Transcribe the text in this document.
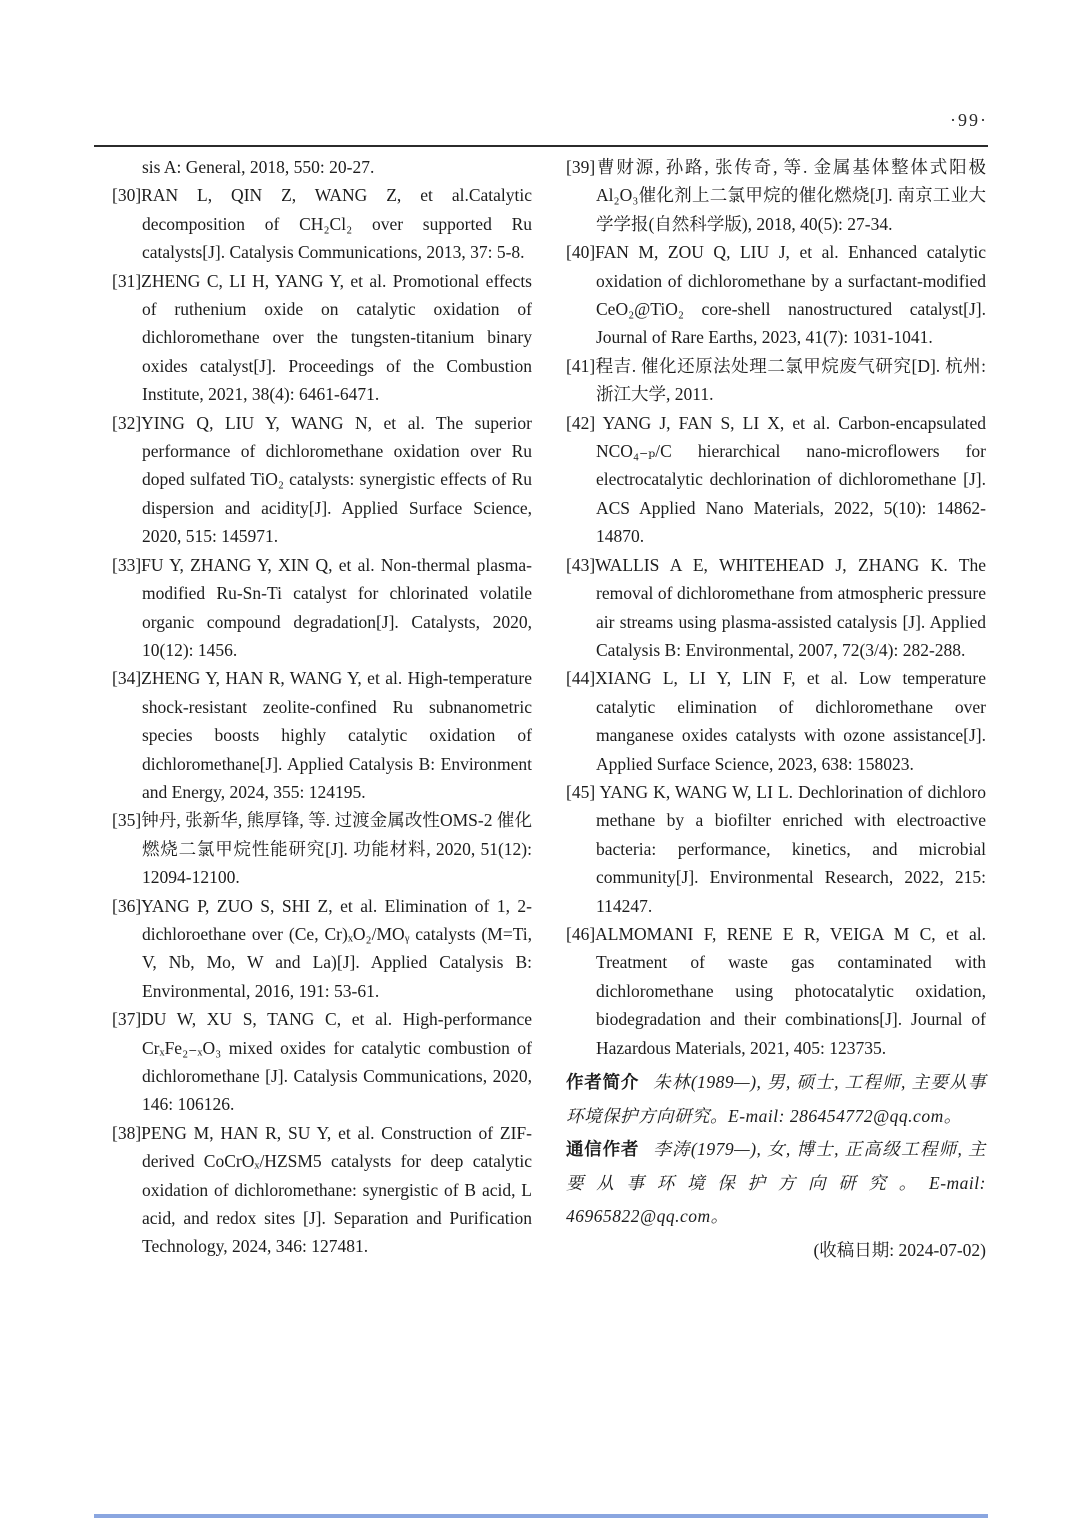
·99·

sis A: General, 2018, 550: 20-27.

[30]RAN L, QIN Z, WANG Z, et al.Catalytic decomposition of CH₂Cl₂ over supported Ru catalysts[J]. Catalysis Communications, 2013, 37: 5-8.

[31]ZHENG C, LI H, YANG Y, et al. Promotional effects of ruthenium oxide on catalytic oxidation of dichloromethane over the tungsten-titanium binary oxides catalyst[J]. Proceedings of the Combustion Institute, 2021, 38(4): 6461-6471.

[32]YING Q, LIU Y, WANG N, et al. The superior performance of dichloromethane oxidation over Ru doped sulfated TiO₂ catalysts: synergistic effects of Ru dispersion and acidity[J]. Applied Surface Science, 2020, 515: 145971.

[33]FU Y, ZHANG Y, XIN Q, et al. Non-thermal plasma-modified Ru-Sn-Ti catalyst for chlorinated volatile organic compound degradation[J]. Catalysts, 2020, 10(12): 1456.

[34]ZHENG Y, HAN R, WANG Y, et al. High-temperature shock-resistant zeolite-confined Ru subnanometric species boosts highly catalytic oxidation of dichloromethane[J]. Applied Catalysis B: Environment and Energy, 2024, 355: 124195.

[35]钟丹, 张新华, 熊厚锋, 等. 过渡金属改性OMS-2 催化燃烧二氯甲烷性能研究[J]. 功能材料, 2020, 51(12): 12094-12100.

[36]YANG P, ZUO S, SHI Z, et al. Elimination of 1, 2-dichloroethane over (Ce, Cr)ₓO₂/MOᵧ catalysts (M=Ti, V, Nb, Mo, W and La)[J]. Applied Catalysis B: Environmental, 2016, 191: 53-61.

[37]DU W, XU S, TANG C, et al. High-performance CrₓFe₂₋ₓO₃ mixed oxides for catalytic combustion of dichloromethane [J]. Catalysis Communications, 2020, 146: 106126.

[38]PENG M, HAN R, SU Y, et al. Construction of ZIF-derived CoCrOₓ/HZSM5 catalysts for deep catalytic oxidation of dichloromethane: synergistic of B acid, L acid, and redox sites [J]. Separation and Purification Technology, 2024, 346: 127481.

[39]曹财源, 孙路, 张传奇, 等. 金属基体整体式阳极Al₂O₃催化剂上二氯甲烷的催化燃烧[J]. 南京工业大学学报(自然科学版), 2018, 40(5): 27-34.

[40]FAN M, ZOU Q, LIU J, et al. Enhanced catalytic oxidation of dichloromethane by a surfactant-modified CeO₂@TiO₂ core-shell nanostructured catalyst[J]. Journal of Rare Earths, 2023, 41(7): 1031-1041.

[41]程吉. 催化还原法处理二氯甲烷废气研究[D]. 杭州: 浙江大学, 2011.

[42] YANG J, FAN S, LI X, et al. Carbon-encapsulated NCO₄₋ₚ/C hierarchical nano-microflowers for electrocatalytic dechlorination of dichloromethane [J]. ACS Applied Nano Materials, 2022, 5(10): 14862-14870.

[43]WALLIS A E, WHITEHEAD J, ZHANG K. The removal of dichloromethane from atmospheric pressure air streams using plasma-assisted catalysis [J]. Applied Catalysis B: Environmental, 2007, 72(3/4): 282-288.

[44]XIANG L, LI Y, LIN F, et al. Low temperature catalytic elimination of dichloromethane over manganese oxides catalysts with ozone assistance[J]. Applied Surface Science, 2023, 638: 158023.

[45] YANG K, WANG W, LI L. Dechlorination of dichloro methane by a biofilter enriched with electroactive bacteria: performance, kinetics, and microbial community[J]. Environmental Research, 2022, 215: 114247.

[46]ALMOMANI F, RENE E R, VEIGA M C, et al. Treatment of waste gas contaminated with dichloromethane using photocatalytic oxidation, biodegradation and their combinations[J]. Journal of Hazardous Materials, 2021, 405: 123735.

作者简介 朱林(1989—), 男, 硕士, 工程师, 主要从事环境保护方向研究。E-mail: 286454772@qq.com。

通信作者 李涛(1979—), 女, 博士, 正高级工程师, 主要从事环境保护方向研究。E-mail: 46965822@qq.com。

(收稿日期: 2024-07-02)
